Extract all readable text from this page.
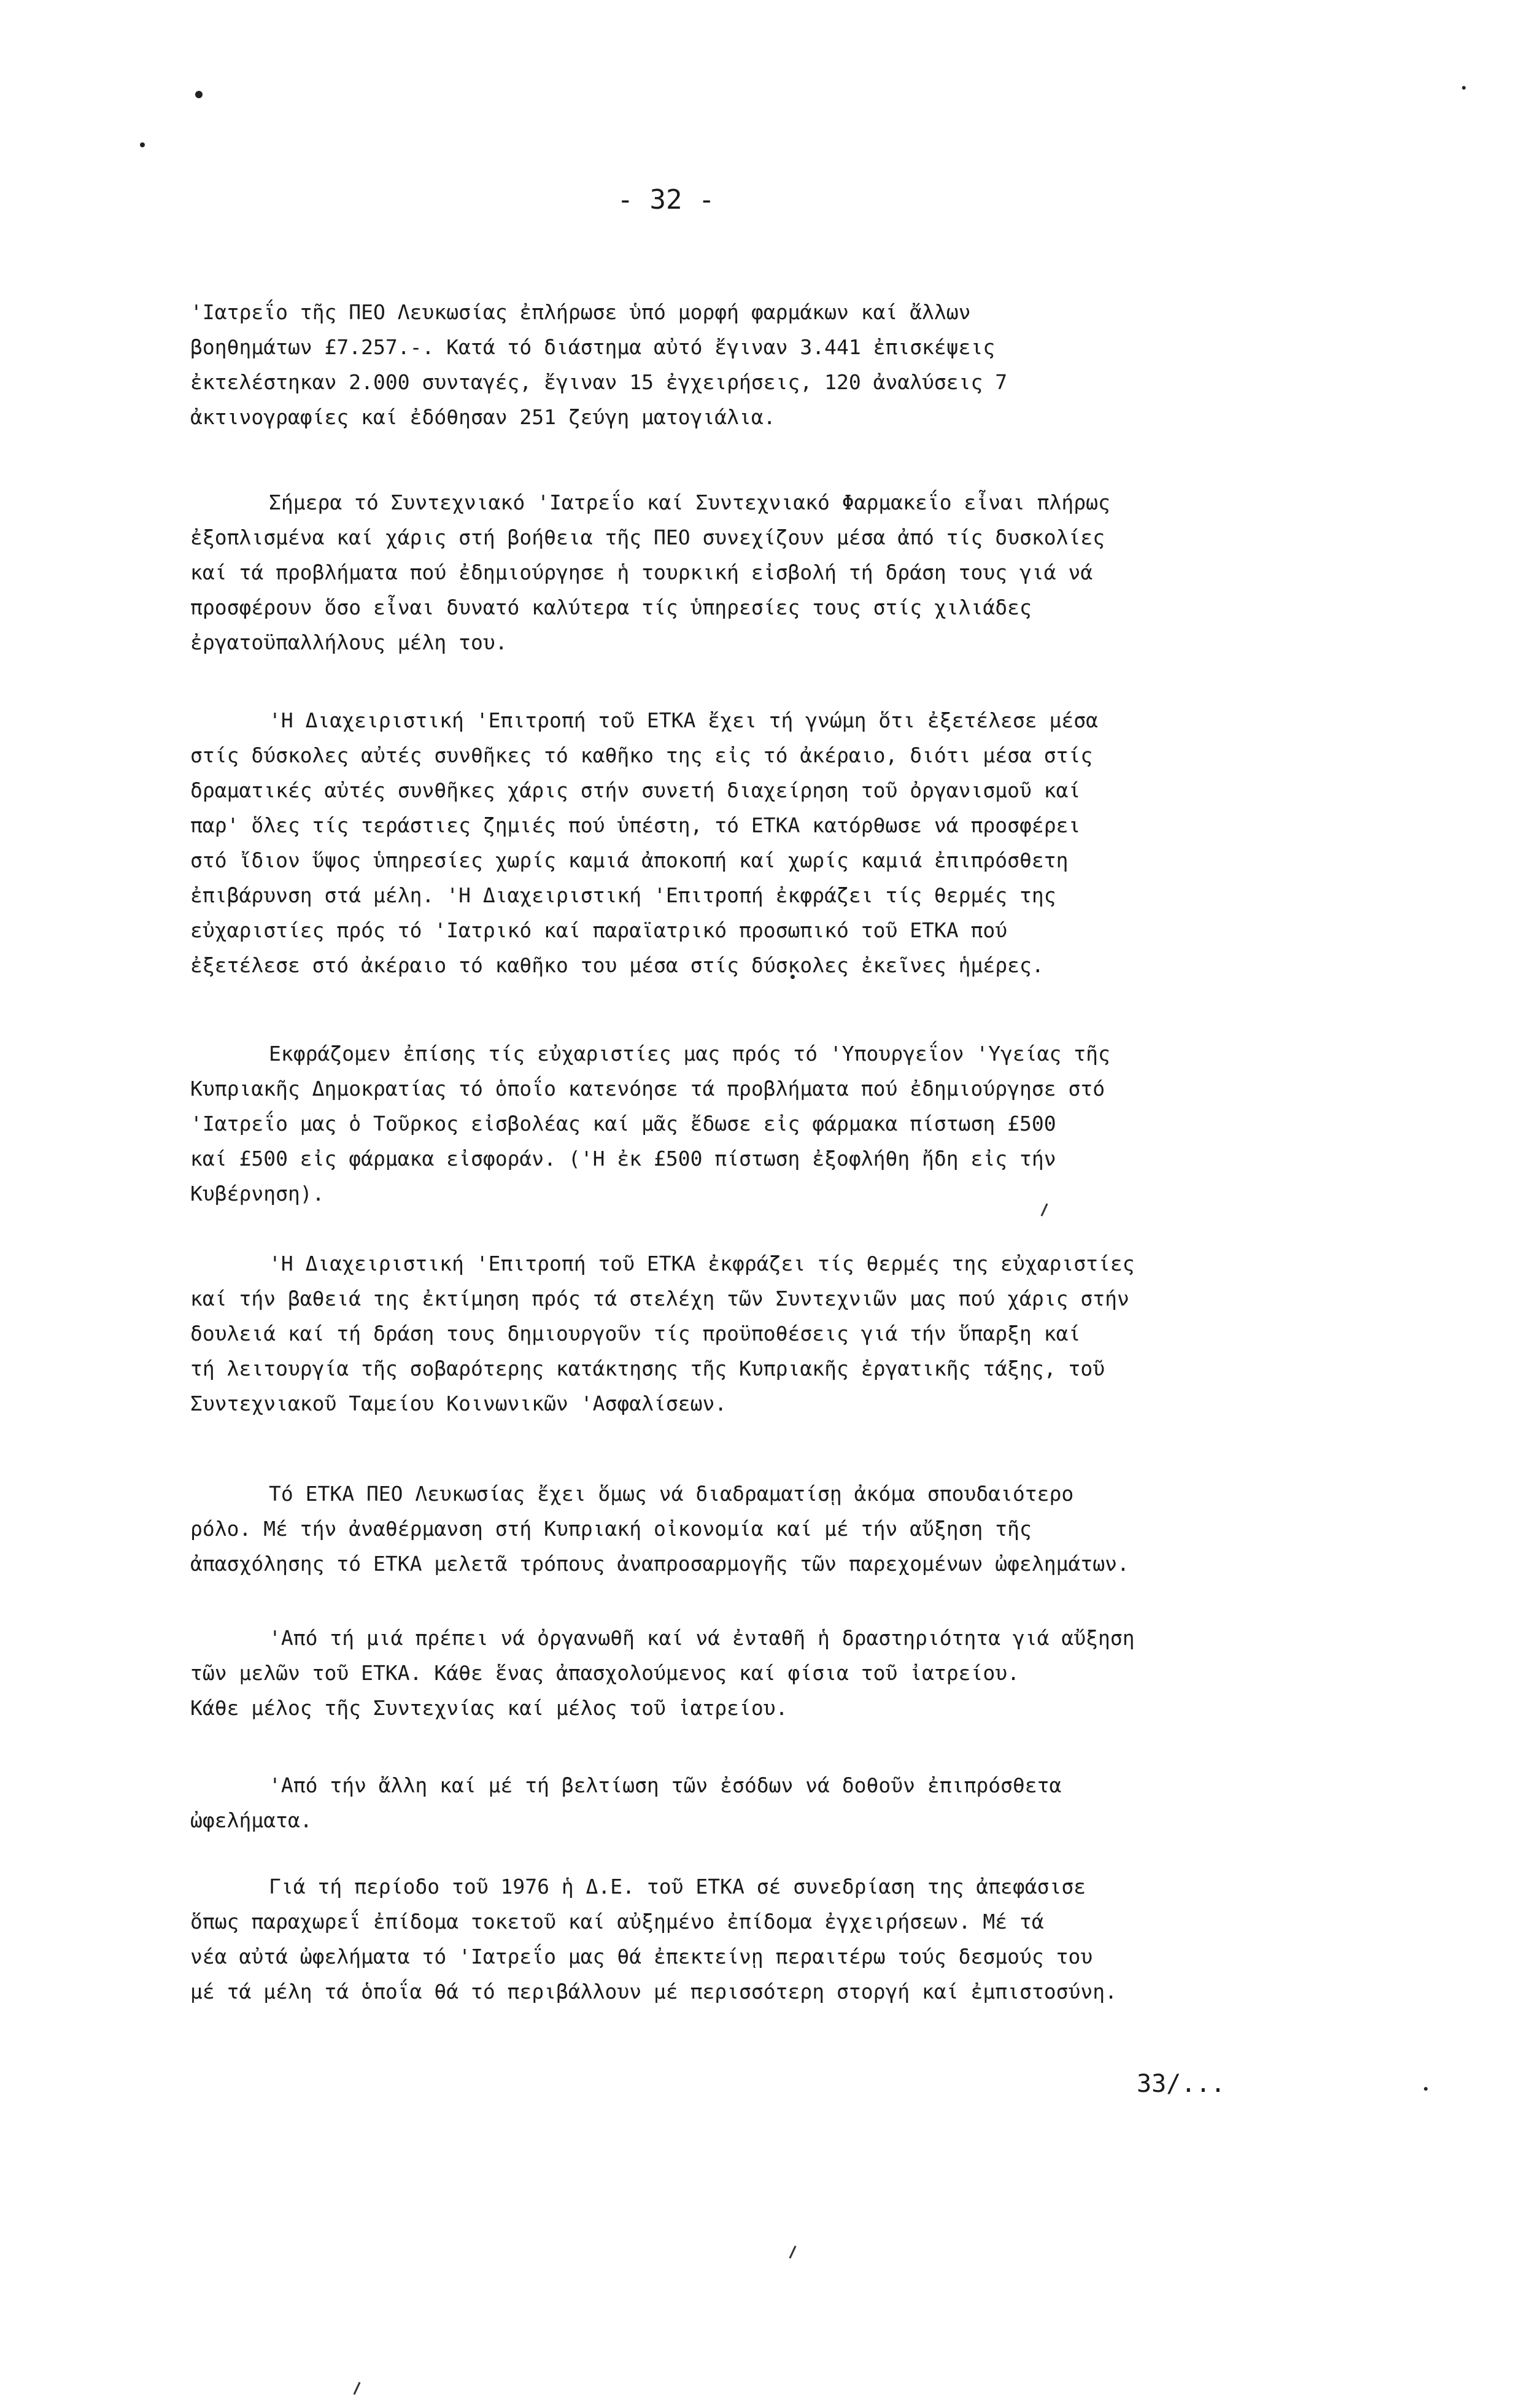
- 32 -
'Ιατρεΐο τῆς ΠΕΟ Λευκωσίας ἐπλήρωσε ὑπό μορφή φαρμάκων καί ἄλλων
βοηθημάτων £7.257.-. Κατά τό διάστημα αὐτό ἔγιναν 3.441 ἐπισκέψεις
ἐκτελέστηκαν 2.000 συνταγές, ἔγιναν 15 ἐγχειρήσεις, 120 ἀναλύσεις 7
ἀκτινογραφίες καί ἐδόθησαν 251 ζεύγη ματογιάλια.
Σήμερα τό Συντεχνιακό 'Ιατρεΐο καί Συντεχνιακό Φαρμακεΐο εἶναι πλήρως
ἐξοπλισμένα καί χάρις στή βοήθεια τῆς ΠΕΟ συνεχίζουν μέσα ἀπό τίς δυσκολίες
καί τά προβλήματα πού ἐδημιούργησε ἡ τουρκική εἰσβολή τή δράση τους γιά νά
προσφέρουν ὅσο εἶναι δυνατό καλύτερα τίς ὑπηρεσίες τους στίς χιλιάδες
ἐργατοϋπαλλήλους μέλη του.
'Η Διαχειριστική 'Επιτροπή τοῦ ΕΤΚΑ ἔχει τή γνώμη ὅτι ἐξετέλεσε μέσα
στίς δύσκολες αὐτές συνθῆκες τό καθῆκο της εἰς τό ἀκέραιο, διότι μέσα στίς
δραματικές αὐτές συνθῆκες χάρις στήν συνετή διαχείρηση τοῦ ὀργανισμοῦ καί
παρ' ὅλες τίς τεράστιες ζημιές πού ὑπέστη, τό ΕΤΚΑ κατόρθωσε νά προσφέρει
στό ἴδιον ὕψος ὑπηρεσίες χωρίς καμιά ἀποκοπή καί χωρίς καμιά ἐπιπρόσθετη
ἐπιβάρυνση στά μέλη. 'Η Διαχειριστική 'Επιτροπή ἐκφράζει τίς θερμές της
εὐχαριστίες πρός τό 'Ιατρικό καί παραϊατρικό προσωπικό τοῦ ΕΤΚΑ πού
ἐξετέλεσε στό ἀκέραιο τό καθῆκο του μέσα στίς δύσκολες ἐκεῖνες ἡμέρες.
Εκφράζομεν ἐπίσης τίς εὐχαριστίες μας πρός τό 'Υπουργεΐον 'Υγείας τῆς
Κυπριακῆς Δημοκρατίας τό ὁποΐο κατενόησε τά προβλήματα πού ἐδημιούργησε στό
'Ιατρεΐο μας ὁ Τοῦρκος εἰσβολέας καί μᾶς ἔδωσε εἰς φάρμακα πίστωση £500
καί £500 εἰς φάρμακα εἰσφοράν. ('Η ἐκ £500 πίστωση ἐξοφλήθη ἤδη εἰς τήν
Κυβέρνηση).
'Η Διαχειριστική 'Επιτροπή τοῦ ΕΤΚΑ ἐκφράζει τίς θερμές της εὐχαριστίες
καί τήν βαθειά της ἐκτίμηση πρός τά στελέχη τῶν Συντεχνιῶν μας πού χάρις στήν
δουλειά καί τή δράση τους δημιουργοῦν τίς προϋποθέσεις γιά τήν ὕπαρξη καί
τή λειτουργία τῆς σοβαρότερης κατάκτησης τῆς Κυπριακῆς ἐργατικῆς τάξης, τοῦ
Συντεχνιακοῦ Ταμείου Κοινωνικῶν 'Ασφαλίσεων.
Τό ΕΤΚΑ ΠΕΟ Λευκωσίας ἔχει ὅμως νά διαδραματίσῃ ἀκόμα σπουδαιότερο
ρόλο. Μέ τήν ἀναθέρμανση στή Κυπριακή οἰκονομία καί μέ τήν αὔξηση τῆς
ἀπασχόλησης τό ΕΤΚΑ μελετᾶ τρόπους ἀναπροσαρμογῆς τῶν παρεχομένων ὠφελημάτων.
'Από τή μιά πρέπει νά ὀργανωθῆ καί νά ἐνταθῆ ἡ δραστηριότητα γιά αὔξηση
τῶν μελῶν τοῦ ΕΤΚΑ. Κάθε ἕνας ἀπασχολούμενος καί φίσια τοῦ ἰατρείου.
Κάθε μέλος τῆς Συντεχνίας καί μέλος τοῦ ἰατρείου.
'Από τήν ἄλλη καί μέ τή βελτίωση τῶν ἐσόδων νά δοθοῦν ἐπιπρόσθετα
ὠφελήματα.
Γιά τή περίοδο τοῦ 1976 ἡ Δ.Ε. τοῦ ΕΤΚΑ σέ συνεδρίαση της ἀπεφάσισε
ὅπως παραχωρεΐ ἐπίδομα τοκετοῦ καί αὐξημένο ἐπίδομα ἐγχειρήσεων. Μέ τά
νέα αὐτά ὠφελήματα τό 'Ιατρεΐο μας θά ἐπεκτείνῃ περαιτέρω τούς δεσμούς του
μέ τά μέλη τά ὁποΐα θά τό περιβάλλουν μέ περισσότερη στοργή καί ἐμπιστοσύνη.
33/...
